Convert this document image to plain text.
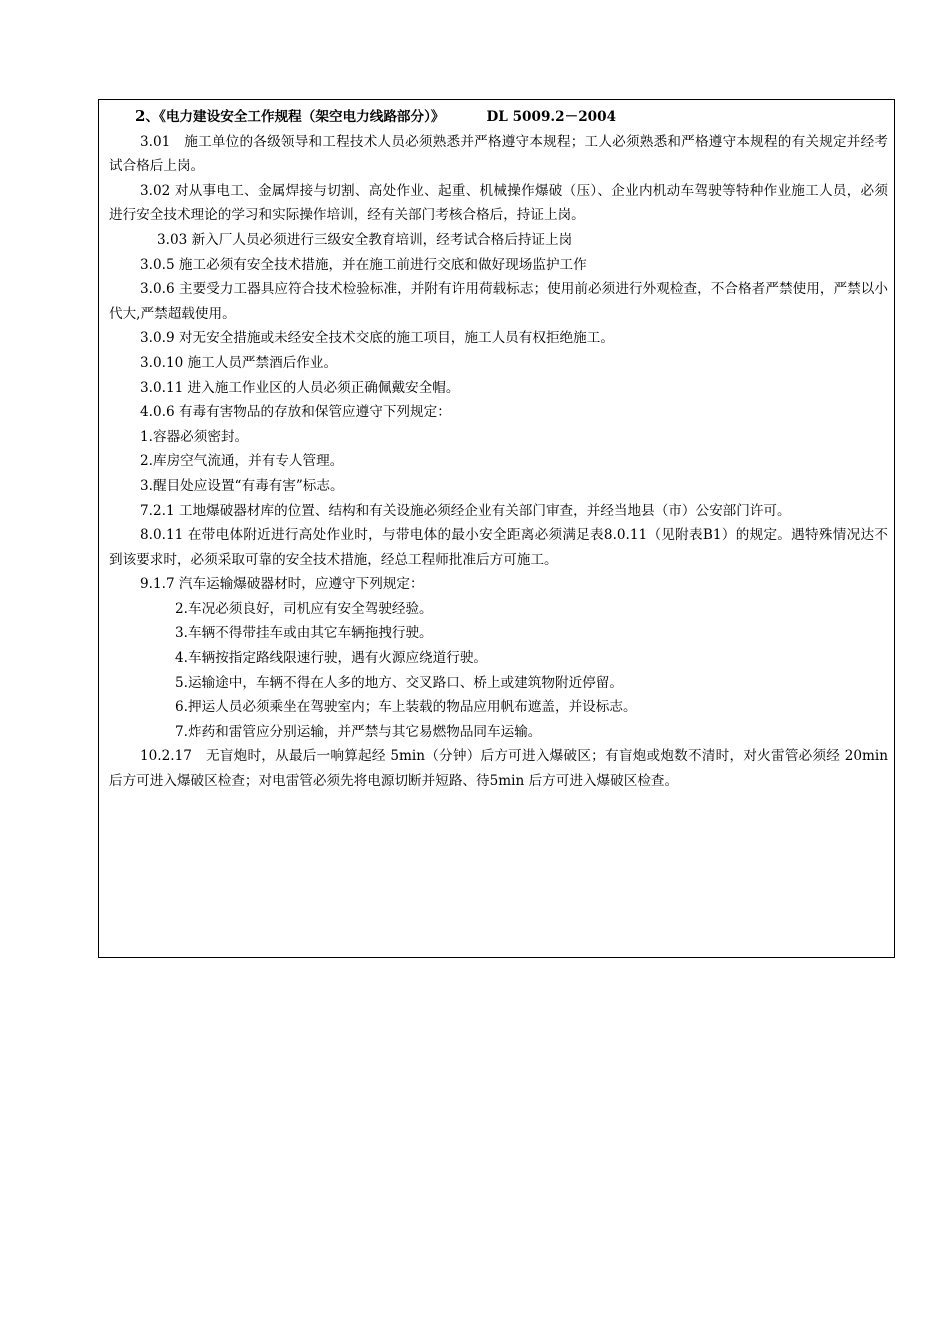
2、《电力建设安全工作规程（架空电力线路部分）》	DL 5009.2－2004

3.01　施工单位的各级领导和工程技术人员必须熟悉并严格遵守本规程；工人必须熟悉和严格遵守本规程的有关规定并经考试合格后上岗。

3.02 对从事电工、金属焊接与切割、高处作业、起重、机械操作爆破（压）、企业内机动车驾驶等特种作业施工人员，必须进行安全技术理论的学习和实际操作培训，经有关部门考核合格后，持证上岗。

3.03 新入厂人员必须进行三级安全教育培训，经考试合格后持证上岗

3.0.5 施工必须有安全技术措施，并在施工前进行交底和做好现场监护工作

3.0.6 主要受力工器具应符合技术检验标准，并附有许用荷载标志；使用前必须进行外观检查，不合格者严禁使用，严禁以小代大,严禁超载使用。

3.0.9 对无安全措施或未经安全技术交底的施工项目，施工人员有权拒绝施工。

3.0.10 施工人员严禁酒后作业。

3.0.11 进入施工作业区的人员必须正确佩戴安全帽。

4.0.6 有毒有害物品的存放和保管应遵守下列规定：

1.容器必须密封。

2.库房空气流通，并有专人管理。

3.醒目处应设置“有毒有害”标志。

7.2.1 工地爆破器材库的位置、结构和有关设施必须经企业有关部门审查，并经当地县（市）公安部门许可。

8.0.11 在带电体附近进行高处作业时，与带电体的最小安全距离必须满足表8.0.11（见附表B1）的规定。遇特殊情况达不到该要求时，必须采取可靠的安全技术措施，经总工程师批准后方可施工。

9.1.7 汽车运输爆破器材时，应遵守下列规定：

2.车况必须良好，司机应有安全驾驶经验。

3.车辆不得带挂车或由其它车辆拖拽行驶。

4.车辆按指定路线限速行驶，遇有火源应绕道行驶。

5.运输途中，车辆不得在人多的地方、交叉路口、桥上或建筑物附近停留。

6.押运人员必须乘坐在驾驶室内；车上装载的物品应用帆布遮盖，并设标志。

7.炸药和雷管应分别运输，并严禁与其它易燃物品同车运输。

10.2.17　无盲炮时，从最后一响算起经 5min（分钟）后方可进入爆破区；有盲炮或炮数不清时，对火雷管必须经 20min 后方可进入爆破区检查；对电雷管必须先将电源切断并短路、待5min 后方可进入爆破区检查。
